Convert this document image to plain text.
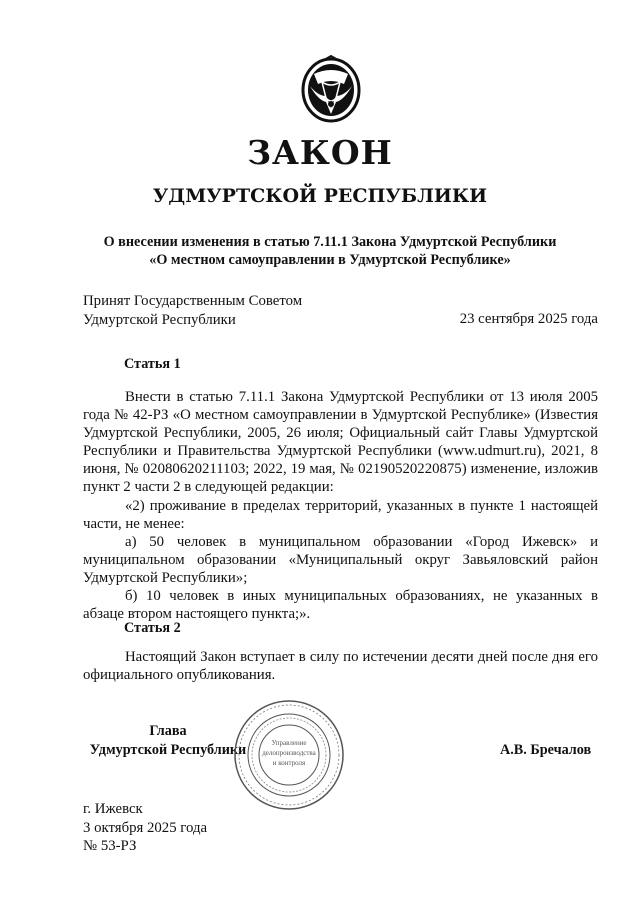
ЗАКОН
УДМУРТСКОЙ РЕСПУБЛИКИ
О внесении изменения в статью 7.11.1 Закона Удмуртской Республики
«О местном самоуправлении в Удмуртской Республике»
Принят Государственным Советом
Удмуртской Республики	23 сентября 2025 года
Статья 1

Внести в статью 7.11.1 Закона Удмуртской Республики от 13 июля 2005 года № 42-РЗ «О местном самоуправлении в Удмуртской Республике» (Известия Удмуртской Республики, 2005, 26 июля; Официальный сайт Главы Удмуртской Республики и Правительства Удмуртской Республики (www.udmurt.ru), 2021, 8 июня, № 02080620211103; 2022, 19 мая, № 02190520220875) изменение, изложив пункт 2 части 2 в следующей редакции:

«2) проживание в пределах территорий, указанных в пункте 1 настоящей части, не менее:

а) 50 человек в муниципальном образовании «Город Ижевск» и муниципальном образовании «Муниципальный округ Завьяловский район Удмуртской Республики»;

б) 10 человек в иных муниципальных образованиях, не указанных в абзаце втором настоящего пункта;».

Статья 2

Настоящий Закон вступает в силу по истечении десяти дней после дня его официального опубликования.

Глава
Удмуртской Республики	Управление
делопроизводства
и контроля
А.В. Бречалов
г. Ижевск
3 октября 2025 года
№ 53-РЗ
